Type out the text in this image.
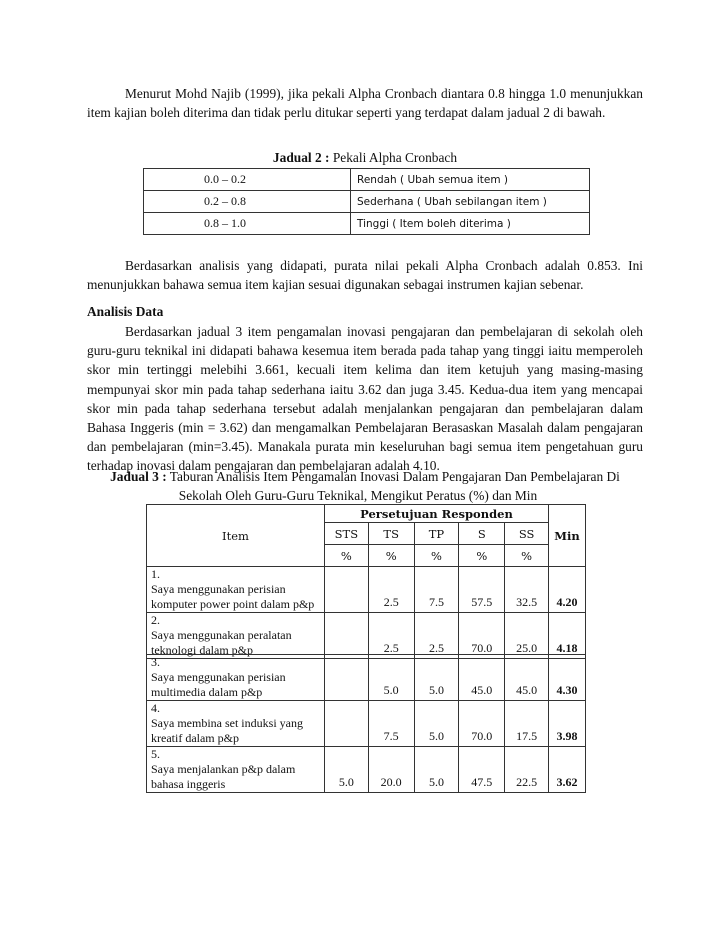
Menurut Mohd Najib (1999), jika pekali Alpha Cronbach diantara 0.8 hingga 1.0 menunjukkan item kajian boleh diterima dan tidak perlu ditukar seperti yang terdapat dalam jadual 2 di bawah.
Jadual 2 : Pekali Alpha Cronbach
0.0 – 0.2	Rendah ( Ubah semua item )
0.2 – 0.8	Sederhana ( Ubah sebilangan item )
0.8 – 1.0	Tinggi ( Item boleh diterima )
Berdasarkan analisis yang didapati, purata nilai pekali Alpha Cronbach adalah 0.853. Ini menunjukkan bahawa semua item kajian sesuai digunakan sebagai instrumen kajian sebenar.
Analisis Data
Berdasarkan jadual 3 item pengamalan inovasi pengajaran dan pembelajaran di sekolah oleh guru-guru teknikal ini didapati bahawa kesemua item berada pada tahap yang tinggi iaitu memperoleh skor min tertinggi melebihi 3.661, kecuali item kelima dan item ketujuh yang masing-masing mempunyai skor min pada tahap sederhana iaitu 3.62 dan juga 3.45. Kedua-dua item yang mencapai skor min pada tahap sederhana tersebut adalah menjalankan pengajaran dan pembelajaran dalam Bahasa Inggeris (min = 3.62) dan mengamalkan Pembelajaran Berasaskan Masalah dalam pengajaran dan pembelajaran (min=3.45). Manakala purata min keseluruhan bagi semua item pengetahuan guru terhadap inovasi dalam pengajaran dan pembelajaran adalah 4.10.
Jadual 3 : Taburan Analisis Item Pengamalan Inovasi Dalam Pengajaran Dan Pembelajaran Di
Sekolah Oleh Guru-Guru Teknikal, Mengikut Peratus (%) dan Min
Item	Persetujuan Responden					Min
	STS	TS	TP	S	SS	
	%	%	%	%	%	
1.Saya menggunakan perisian komputer power point dalam p&p		2.5	7.5	57.5	32.5	4.20
2.Saya menggunakan peralatan teknologi dalam p&p		2.5	2.5	70.0	25.0	4.18
3.Saya menggunakan perisian multimedia dalam p&p		5.0	5.0	45.0	45.0	4.30
4.Saya membina set induksi yang kreatif dalam p&p		7.5	5.0	70.0	17.5	3.98
5.Saya menjalankan p&p dalam bahasa inggeris	5.0	20.0	5.0	47.5	22.5	3.62
